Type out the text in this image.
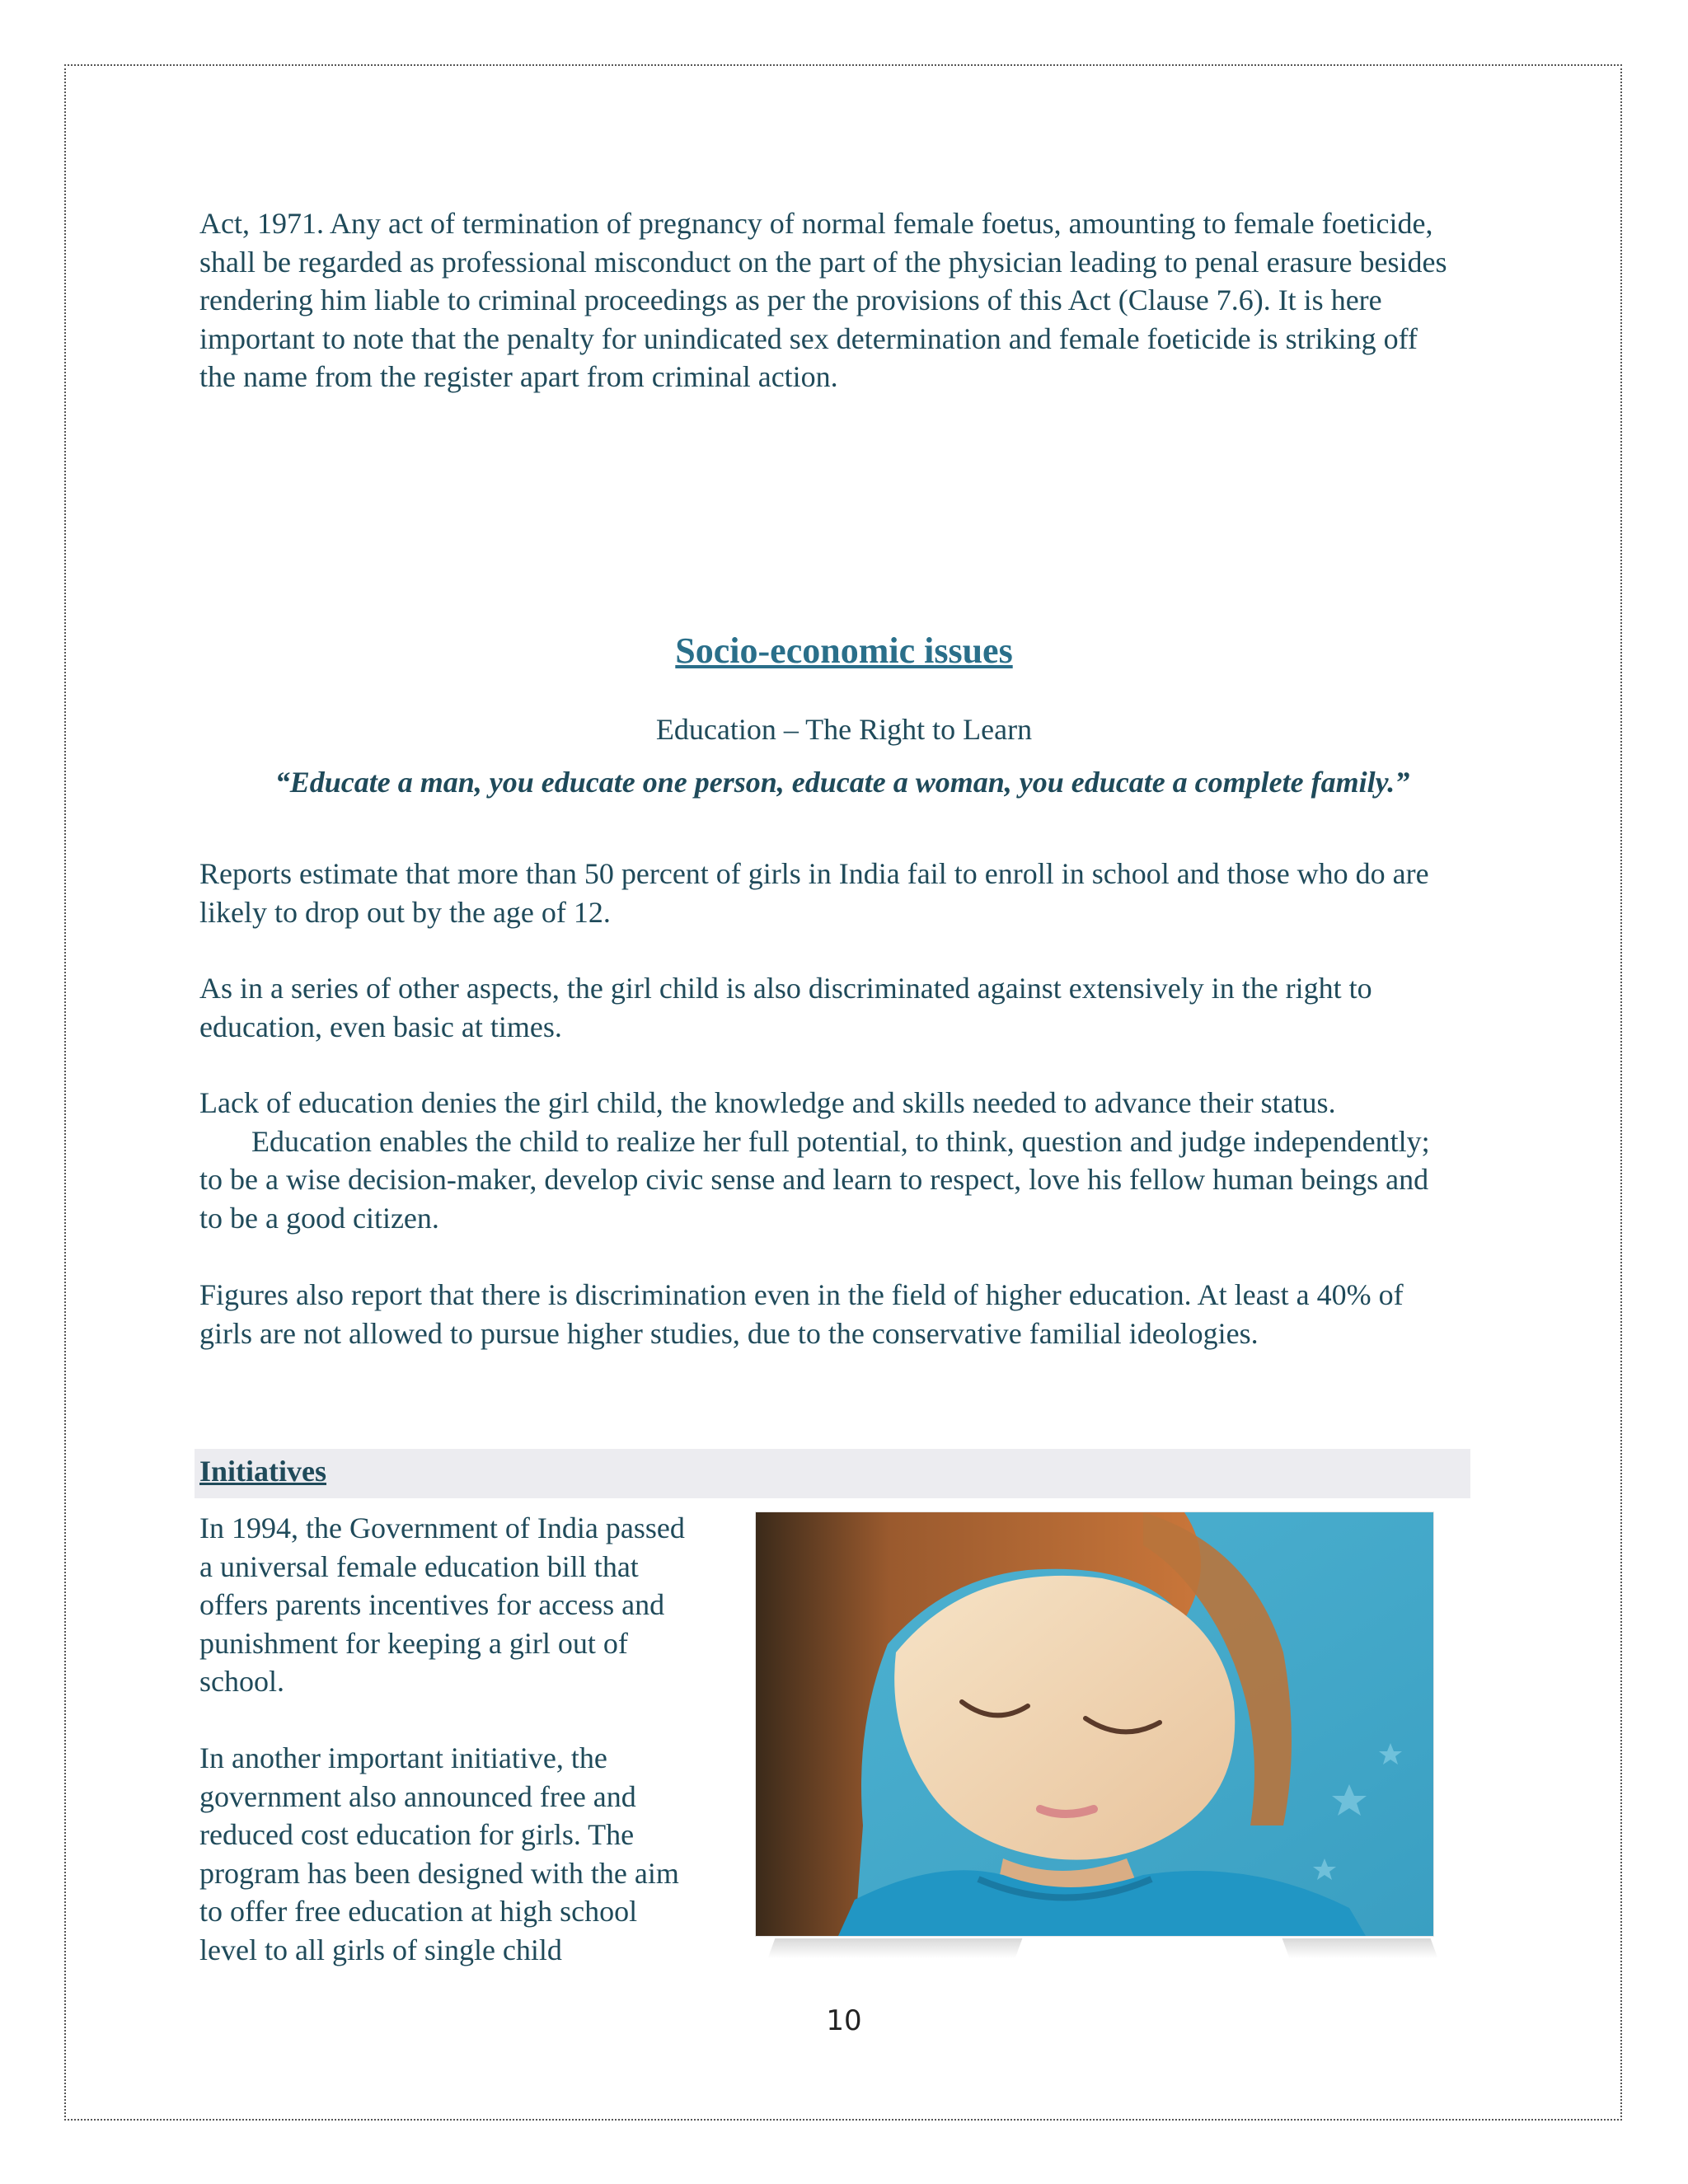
Act, 1971. Any act of termination of pregnancy of normal female foetus, amounting to female foeticide, shall be regarded as professional misconduct on the part of the physician leading to penal erasure besides rendering him liable to criminal proceedings as per the provisions of this Act (Clause 7.6). It is here important to note that the penalty for unindicated sex determination and female foeticide is striking off the name from the register apart from criminal action.

Socio-economic issues

Education – The Right to Learn

“Educate a man, you educate one person, educate a woman, you educate a complete family.”

Reports estimate that more than 50 percent of girls in India fail to enroll in school and those who do are likely to drop out by the age of 12.

As in a series of other aspects, the girl child is also discriminated against extensively in the right to education, even basic at times.

Lack of education denies the girl child, the knowledge and skills needed to advance their status.        Education enables the child to realize her full potential, to think, question and judge independently; to be a wise decision-maker, develop civic sense and learn to respect, love his fellow human beings and to be a good citizen.

Figures also report that there is discrimination even in the field of higher education. At least a 40% of girls are not allowed to pursue higher studies, due to the conservative familial ideologies.

Initiatives

In 1994, the Government of India passed a universal female education bill that offers parents incentives for access and punishment for keeping a girl out of school.

In another important initiative, the government also announced free and reduced cost education for girls. The program has been designed with the aim to offer free education at high school level to all girls of single child

10
